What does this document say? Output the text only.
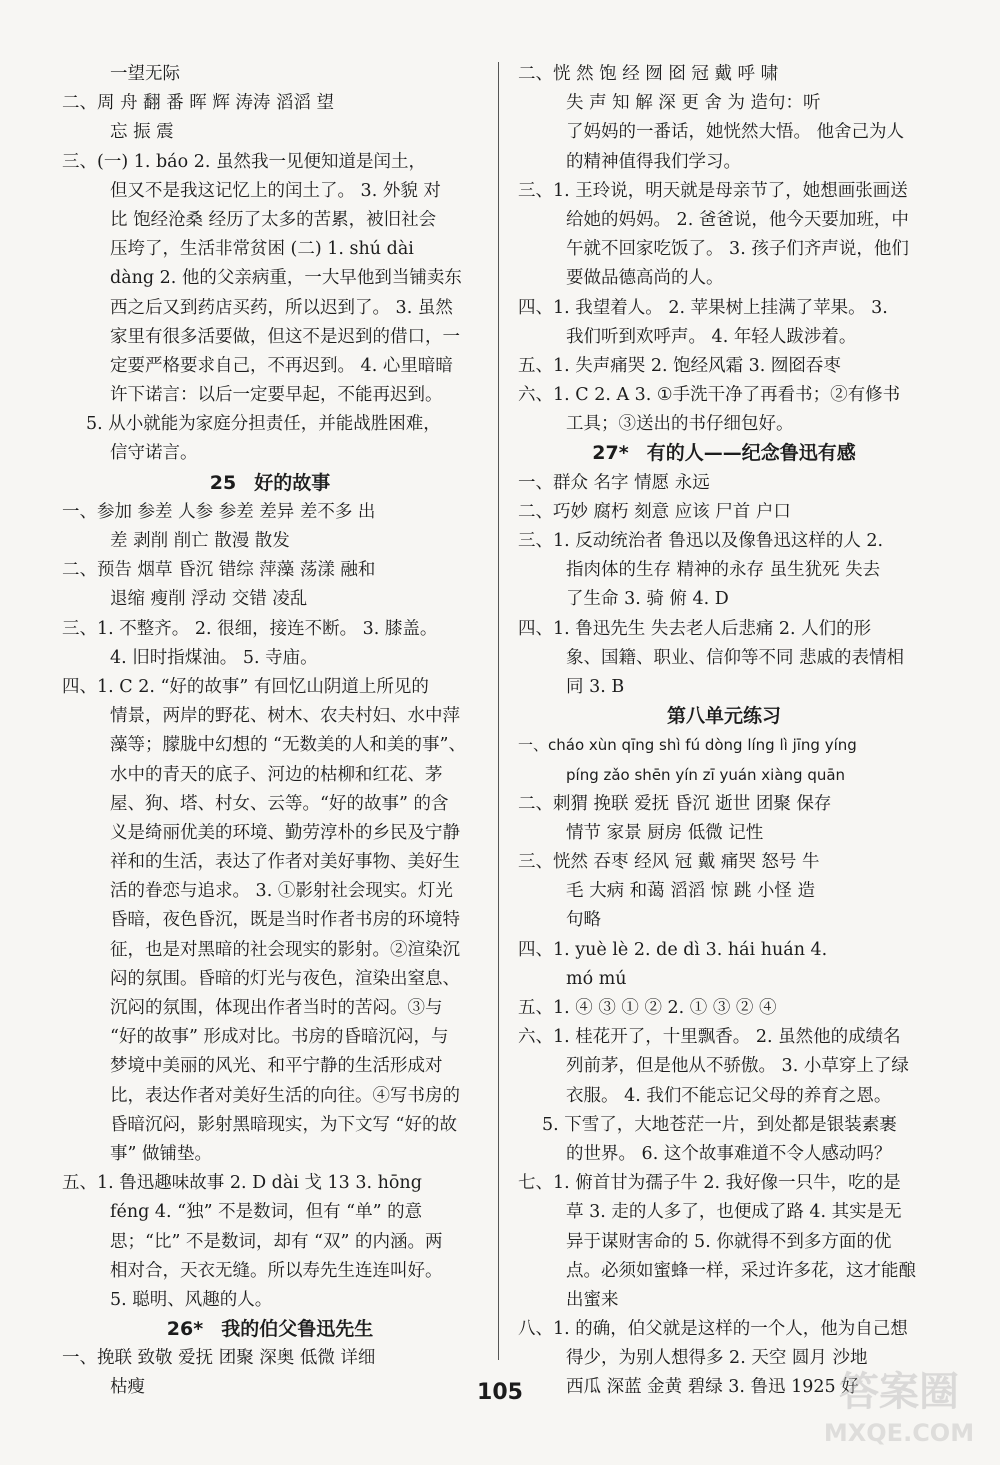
一望无际
二、周 舟 翻 番 晖 辉 涛涛 滔滔 望
忘 振 震
三、(一) 1. báo 2. 虽然我一见便知道是闰土，
但又不是我这记忆上的闰土了。 3. 外貌 对
比 饱经沧桑 经历了太多的苦累，被旧社会
压垮了，生活非常贫困 (二) 1. shú dài
dàng 2. 他的父亲病重，一大早他到当铺卖东
西之后又到药店买药，所以迟到了。 3. 虽然
家里有很多活要做，但这不是迟到的借口，一
定要严格要求自己，不再迟到。 4. 心里暗暗
许下诺言：以后一定要早起，不能再迟到。
5. 从小就能为家庭分担责任，并能战胜困难，
信守诺言。
25 好的故事
一、参加 参差 人参 参差 差异 差不多 出
差 剥削 削亡 散漫 散发
二、预告 烟草 昏沉 错综 萍藻 荡漾 融和
退缩 瘦削 浮动 交错 凌乱
三、1. 不整齐。 2. 很细，接连不断。 3. 膝盖。
4. 旧时指煤油。 5. 寺庙。
四、1. C 2. “好的故事” 有回忆山阴道上所见的
情景，两岸的野花、树木、农夫村妇、水中萍
藻等；朦胧中幻想的 “无数美的人和美的事”、
水中的青天的底子、河边的枯柳和红花、茅
屋、狗、塔、村女、云等。“好的故事” 的含
义是绮丽优美的环境、勤劳淳朴的乡民及宁静
祥和的生活，表达了作者对美好事物、美好生
活的眷恋与追求。 3. ①影射社会现实。灯光
昏暗，夜色昏沉，既是当时作者书房的环境特
征，也是对黑暗的社会现实的影射。②渲染沉
闷的氛围。昏暗的灯光与夜色，渲染出窒息、
沉闷的氛围，体现出作者当时的苦闷。③与
“好的故事” 形成对比。书房的昏暗沉闷，与
梦境中美丽的风光、和平宁静的生活形成对
比，表达作者对美好生活的向往。④写书房的
昏暗沉闷，影射黑暗现实，为下文写 “好的故
事” 做铺垫。
五、1. 鲁迅趣味故事 2. D dài 戈 13 3. hōng
féng 4. “独” 不是数词，但有 “单” 的意
思；“比” 不是数词，却有 “双” 的内涵。两
相对合，天衣无缝。所以寿先生连连叫好。
5. 聪明、风趣的人。
26* 我的伯父鲁迅先生
一、挽联 致敬 爱抚 团聚 深奥 低微 详细
枯瘦
二、恍 然 饱 经 囫 囵 冠 戴 呼 啸
失 声 知 解 深 更 舍 为 造句：听
了妈妈的一番话，她恍然大悟。 他舍己为人
的精神值得我们学习。
三、1. 王玲说，明天就是母亲节了，她想画张画送
给她的妈妈。 2. 爸爸说，他今天要加班，中
午就不回家吃饭了。 3. 孩子们齐声说，他们
要做品德高尚的人。
四、1. 我望着人。 2. 苹果树上挂满了苹果。 3.
我们听到欢呼声。 4. 年轻人跋涉着。
五、1. 失声痛哭 2. 饱经风霜 3. 囫囵吞枣
六、1. C 2. A 3. ①手洗干净了再看书；②有修书
工具；③送出的书仔细包好。
27* 有的人——纪念鲁迅有感
一、群众 名字 情愿 永远
二、巧妙 腐朽 刻意 应该 尸首 户口
三、1. 反动统治者 鲁迅以及像鲁迅这样的人 2.
指肉体的生存 精神的永存 虽生犹死 失去
了生命 3. 骑 俯 4. D
四、1. 鲁迅先生 失去老人后悲痛 2. 人们的形
象、国籍、职业、信仰等不同 悲戚的表情相
同 3. B
第八单元练习
一、cháo xùn qīng shì fú dòng líng lì jīng yíng
píng zǎo shēn yín zī yuán xiàng quān
二、刺猬 挽联 爱抚 昏沉 逝世 团聚 保存
情节 家景 厨房 低微 记性
三、恍然 吞枣 经风 冠 戴 痛哭 怒号 牛
毛 大病 和蔼 滔滔 惊 跳 小怪 造
句略
四、1. yuè lè 2. de dì 3. hái huán 4.
mó mú
五、1. ④ ③ ① ② 2. ① ③ ② ④
六、1. 桂花开了，十里飘香。 2. 虽然他的成绩名
列前茅，但是他从不骄傲。 3. 小草穿上了绿
衣服。 4. 我们不能忘记父母的养育之恩。
5. 下雪了，大地苍茫一片，到处都是银装素裹
的世界。 6. 这个故事难道不令人感动吗？
七、1. 俯首甘为孺子牛 2. 我好像一只牛，吃的是
草 3. 走的人多了，也便成了路 4. 其实是无
异于谋财害命的 5. 你就得不到多方面的优
点。必须如蜜蜂一样，采过许多花，这才能酿
出蜜来
八、1. 的确，伯父就是这样的一个人，他为自己想
得少，为别人想得多 2. 天空 圆月 沙地
西瓜 深蓝 金黄 碧绿 3. 鲁迅 1925 好
105	答案圈
MXQE.COM
